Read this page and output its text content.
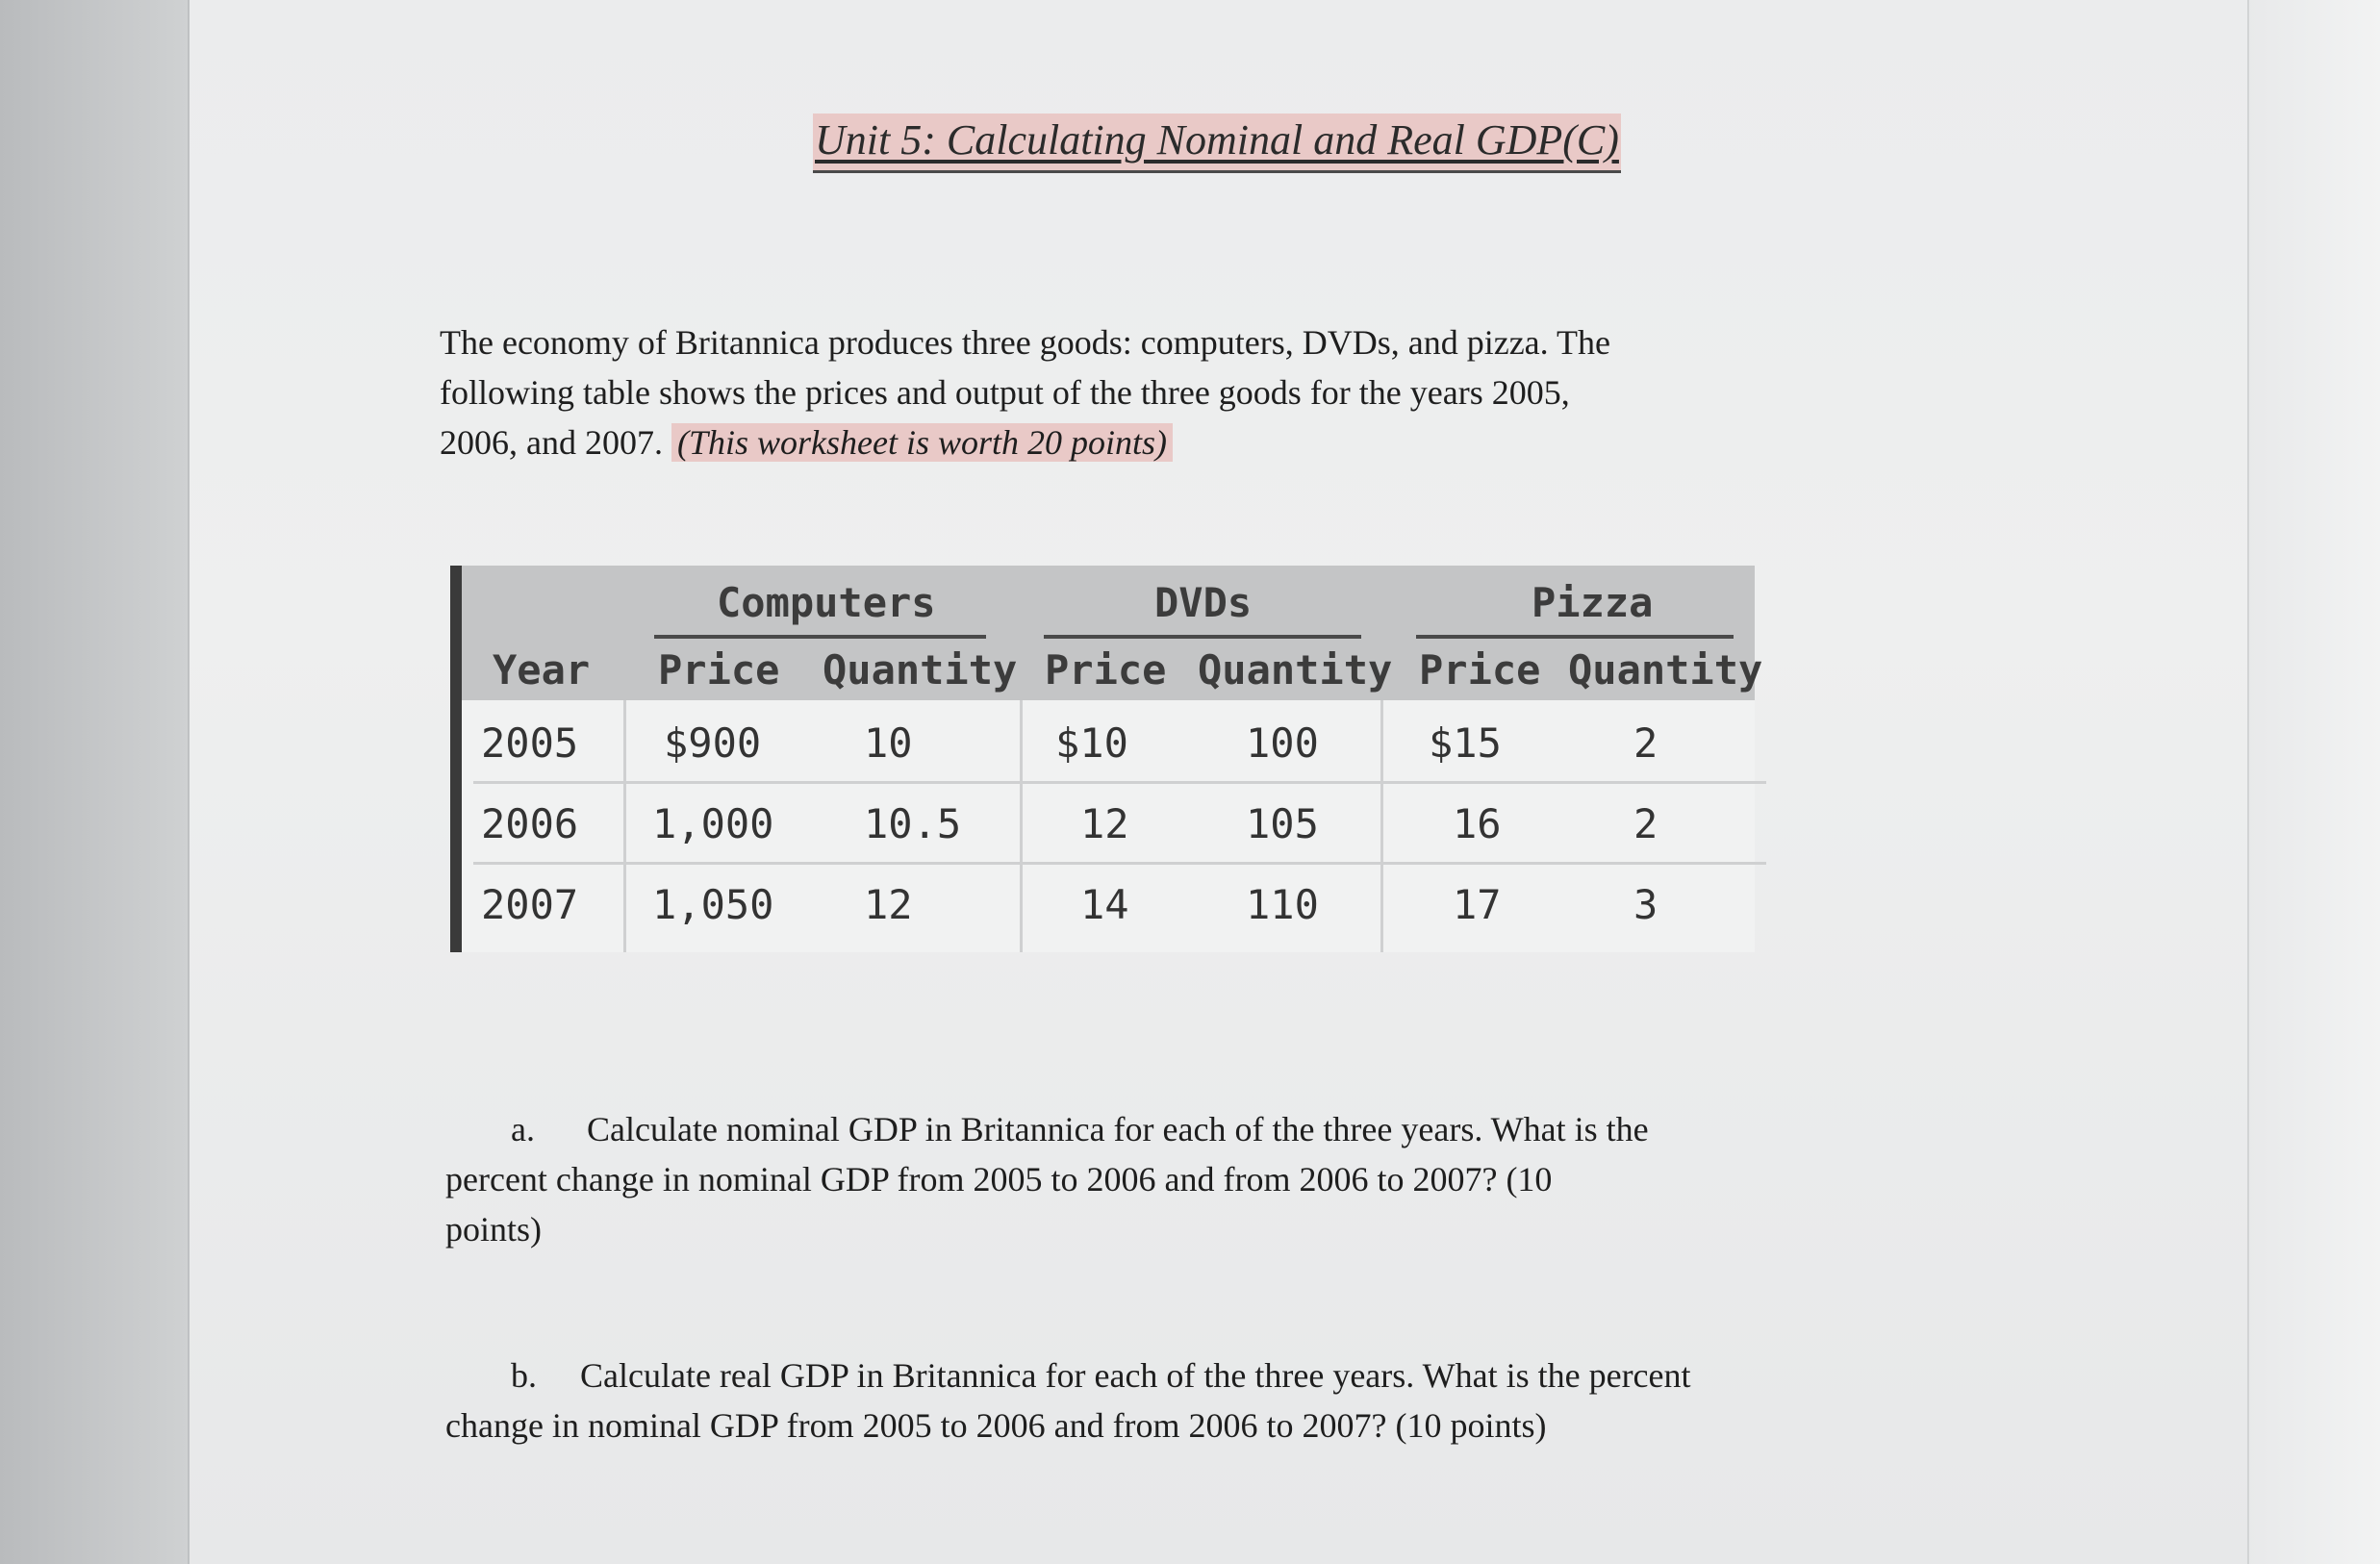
Unit 5: Calculating Nominal and Real GDP(C)
The economy of Britannica produces three goods: computers, DVDs, and pizza. The
following table shows the prices and output of the three goods for the years 2005,
2006, and 2007. (This worksheet is worth 20 points)
Computers	DVDs	Pizza
Year Price Quantity Price Quantity Price Quantity
2005 $900	10	$10	100	$15	2
2006 1,000 10.5	12	105	16	2
2007 1,050 12	14	110	17	3
a. Calculate nominal GDP in Britannica for each of the three years. What is the
percent change in nominal GDP from 2005 to 2006 and from 2006 to 2007? (10
points)
b. Calculate real GDP in Britannica for each of the three years. What is the percent
change in nominal GDP from 2005 to 2006 and from 2006 to 2007? (10 points)
